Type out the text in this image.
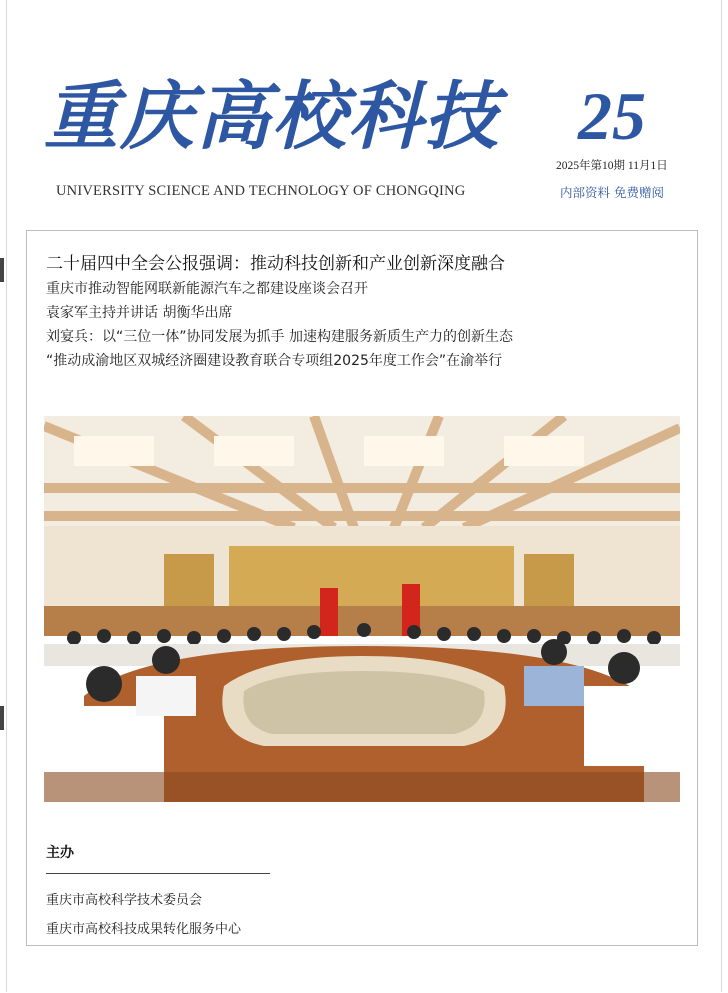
重庆高校科技
UNIVERSITY SCIENCE AND TECHNOLOGY OF CHONGQING
25
2025年第10期 11月1日
内部资料 免费赠阅
二十届四中全会公报强调：推动科技创新和产业创新深度融合
重庆市推动智能网联新能源汽车之都建设座谈会召开
袁家军主持并讲话 胡衡华出席
刘宴兵：以“三位一体”协同发展为抓手 加速构建服务新质生产力的创新生态
“推动成渝地区双城经济圈建设教育联合专项组2025年度工作会”在渝举行
主办
重庆市高校科学技术委员会
重庆市高校科技成果转化服务中心
